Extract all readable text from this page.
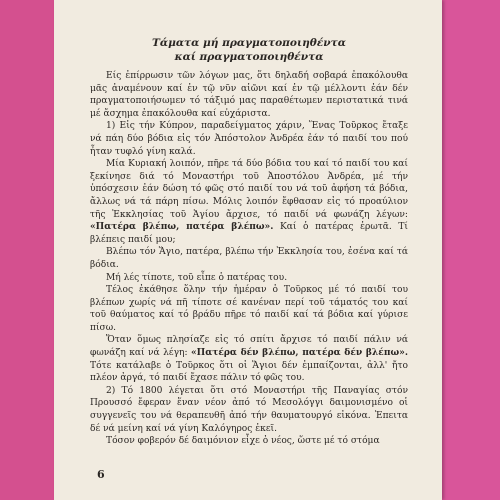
Τάματα μή πραγματοποιηθέντα
καί πραγματοποιηθέντα

Είς ἐπίρρωσιν τῶν λόγων μας, ὅτι δηλαδή σοβαρά ἐπακόλουθα μᾶς ἀναμένουν καί ἐν τῷ νῦν αἰῶνι καί ἐν τῷ μέλλοντι ἐάν δέν πραγματοποιήσωμεν τό τάξιμό μας παραθέτωμεν περιστατικά τινά μέ ἄσχημα ἐπακόλουθα καί εὐχάριστα.

1) Εἰς τήν Κύπρον, παραδείγματος χάριν, Ἕνας Τοῦρκος ἔταξε νά πάη δύο βόδια εἰς τόν Ἀπόστολον Ἀνδρέα ἐάν τό παιδί του πού ἦταν τυφλό γίνη καλά.

Μία Κυριακή λοιπόν, πῆρε τά δύο βόδια του καί τό παιδί του καί ξεκίνησε διά τό Μοναστήρι τοῦ Ἀποστόλου Ἀνδρέα, μέ τήν ὑπόσχεσιν ἐάν δώση τό φῶς στό παιδί του νά τοῦ ἀφήση τά βόδια, ἄλλως νά τά πάρη πίσω. Μόλις λοιπόν ἔφθασαν εἰς τό προαύλιον τῆς Ἐκκλησίας τοῦ Ἁγίου ἄρχισε, τό παιδί νά φωνάζη λέγων: «Πατέρα βλέπω, πατέρα βλέπω». Καί ὁ πατέρας ἐρωτᾶ. Τί βλέπεις παιδί μου;

Βλέπω τόν Ἅγιο, πατέρα, βλέπω τήν Ἐκκλησία του, ἐσένα καί τά βόδια.

Μή λές τίποτε, τοῦ εἶπε ὁ πατέρας του.

Τέλος ἐκάθησε ὅλην τήν ἡμέραν ὁ Τοῦρκος μέ τό παιδί του βλέπων χωρίς νά πῆ τίποτε σέ κανέναν περί τοῦ τάματός του καί τοῦ θαύματος καί τό βράδυ πῆρε τό παιδί καί τά βόδια καί γύρισε πίσω.

Ὅταν ὅμως πλησίαζε εἰς τό σπίτι ἄρχισε τό παιδί πάλιν νά φωνάζη καί νά λέγη: «Πατέρα δέν βλέπω, πατέρα δέν βλέπω». Τότε κατάλαβε ὁ Τοῦρκος ὅτι οἱ Ἅγιοι δέν ἐμπαίζονται, ἀλλ' ἤτο πλέον ἀργά, τό παιδί ἔχασε πάλιν τό φῶς του.

2) Τό 1800 λέγεται ὅτι στό Μοναστήρι τῆς Παναγίας στόν Προυσσό ἔφεραν ἕναν νέον ἀπό τό Μεσολόγγι δαιμονισμένο οἱ συγγενεῖς του νά θεραπευθῆ ἀπό τήν θαυματουργό εἰκόνα. Ἐπειτα δέ νά μείνη καί νά γίνη Καλόγηρος ἐκεῖ.

Τόσον φοβερόν δέ δαιμόνιον εἶχε ὁ νέος, ὥστε μέ τό στόμα

6
